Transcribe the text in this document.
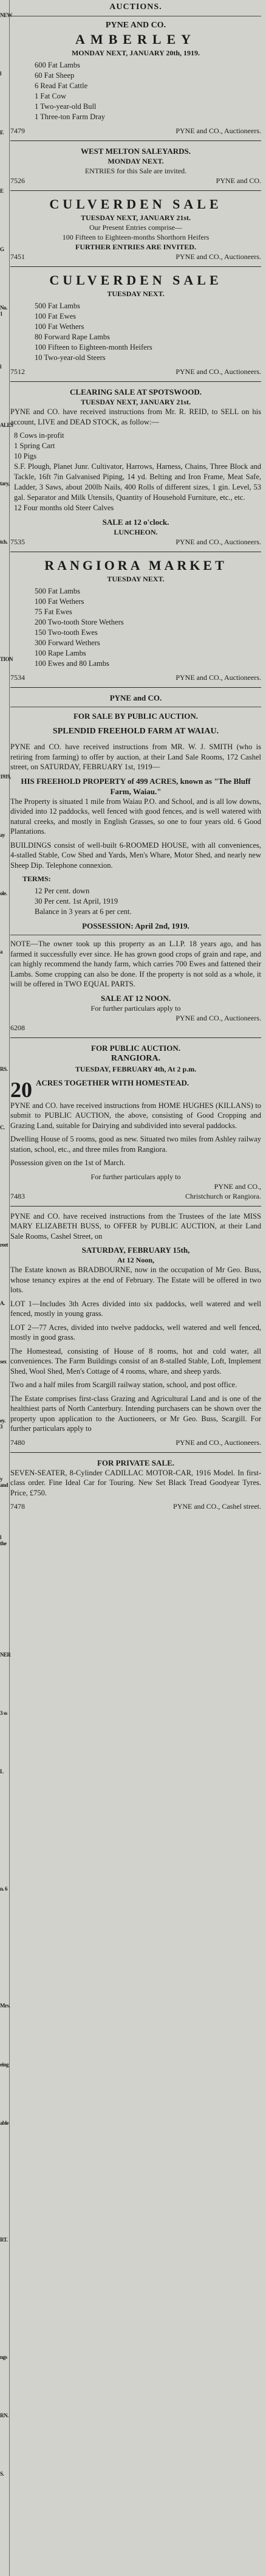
NEW
l
F.
E
G
No. 1
l
ALES
tary,
tch.
TION
1919,
ay
ole.
a
RS.
C.
reet
A.
sex
ey. 3
y and
l the
NER
3 ss
L
n. 6
Mrs.
eing
able
RT.
ngs
RN.
S.
AUCTIONS.
PYNE AND CO.
AMBERLEY
MONDAY NEXT, JANUARY 20th, 1919.
600 Fat Lambs
60 Fat Sheep
6 Read Fat Cattle
1 Fat Cow
1 Two-year-old Bull
1 Three-ton Farm Dray
7479	PYNE and CO., Auctioneers.
WEST MELTON SALEYARDS.
MONDAY NEXT.
ENTRIES for this Sale are invited.
7526	PYNE and CO.
CULVERDEN SALE
TUESDAY NEXT, JANUARY 21st.
Our Present Entries comprise—
100 Fifteen to Eighteen-months Shorthorn Heifers
FURTHER ENTRIES ARE INVITED.
7451	PYNE and CO., Auctioneers.
CULVERDEN SALE
TUESDAY NEXT.
500 Fat Lambs
100 Fat Ewes
100 Fat Wethers
80 Forward Rape Lambs
100 Fifteen to Eighteen-month Heifers
10 Two-year-old Steers
7512	PYNE and CO., Auctioneers.
CLEARING SALE AT SPOTSWOOD.
TUESDAY NEXT, JANUARY 21st.

PYNE and CO. have received instructions from Mr. R. REID, to SELL on his account, LIVE and DEAD STOCK, as follow:—

8 Cows in-profit
1 Spring Cart
10 Pigs
S.F. Plough, Planet Junr. Cultivator, Harrows, Harness, Chains, Three Block and Tackle, 16ft 7in Galvanised Piping, 14 yd. Belting and Iron Frame, Meat Safe, Ladder, 3 Saws, about 200lb Nails, 400 Rolls of different sizes, 1 gin. Level, 53 gal. Separator and Milk Utensils, Quantity of Household Furniture, etc., etc.
12 Four months old Steer Calves
SALE at 12 o'clock.
LUNCHEON.
7535	PYNE and CO., Auctioneers.
RANGIORA MARKET
TUESDAY NEXT.
500 Fat Lambs
100 Fat Wethers
75 Fat Ewes
200 Two-tooth Store Wethers
150 Two-tooth Ewes
300 Forward Wethers
100 Rape Lambs
100 Ewes and 80 Lambs
7534	PYNE and CO., Auctioneers.
PYNE and CO.
FOR SALE BY PUBLIC AUCTION.
SPLENDID FREEHOLD FARM AT WAIAU.

PYNE and CO. have received instructions from MR. W. J. SMITH (who is retiring from farming) to offer by auction, at their Land Sale Rooms, 172 Cashel street, on SATURDAY, FEBRUARY 1st, 1919—

HIS FREEHOLD PROPERTY of 499 ACRES, known as "The Bluff Farm, Waiau."

The Property is situated 1 mile from Waiau P.O. and School, and is all low downs, divided into 12 paddocks, well fenced with good fences, and is well watered with natural creeks, and mostly in English Grasses, so one to four years old. 6 Good Plantations.

BUILDINGS consist of well-built 6-ROOMED HOUSE, with all conveniences, 4-stalled Stable, Cow Shed and Yards, Men's Whare, Motor Shed, and nearly new Sheep Dip. Telephone connexion.

TERMS:
12 Per cent. down
30 Per cent. 1st April, 1919
Balance in 3 years at 6 per cent.
POSSESSION: April 2nd, 1919.

NOTE—The owner took up this property as an L.I.P. 18 years ago, and has farmed it successfully ever since. He has grown good crops of grain and rape, and can highly recommend the handy farm, which carries 700 Ewes and fattened their Lambs. Some cropping can also be done. If the property is not sold as a whole, it will be offered in TWO EQUAL PARTS.

SALE AT 12 NOON.
For further particulars apply to
PYNE and CO., Auctioneers.
6208
FOR PUBLIC AUCTION.
RANGIORA.
TUESDAY, FEBRUARY 4th, At 2 p.m.
20 ACRES TOGETHER WITH HOMESTEAD.

PYNE and CO. have received instructions from HOME HUGHES (KILLANS) to submit to PUBLIC AUCTION, the above, consisting of Good Cropping and Grazing Land, suitable for Dairying and subdivided into several paddocks.

Dwelling House of 5 rooms, good as new. Situated two miles from Ashley railway station, school, etc., and three miles from Rangiora.

Possession given on the 1st of March.

For further particulars apply to
PYNE and CO.,
7483	Christchurch or Rangiora.

PYNE and CO. have received instructions from the Trustees of the late MISS MARY ELIZABETH BUSS, to OFFER by PUBLIC AUCTION, at their Land Sale Rooms, Cashel Street, on

SATURDAY, FEBRUARY 15th,
At 12 Noon,

The Estate known as BRADBOURNE, now in the occupation of Mr Geo. Buss, whose tenancy expires at the end of February. The Estate will be offered in two lots.

LOT 1—Includes 3th Acres divided into six paddocks, well watered and well fenced, mostly in young grass.

LOT 2—77 Acres, divided into twelve paddocks, well watered and well fenced, mostly in good grass.

The Homestead, consisting of House of 8 rooms, hot and cold water, all conveniences. The Farm Buildings consist of an 8-stalled Stable, Loft, Implement Shed, Wool Shed, Men's Cottage of 4 rooms, whare, and sheep yards.

Two and a half miles from Scargill railway station, school, and post office.

The Estate comprises first-class Grazing and Agricultural Land and is one of the healthiest parts of North Canterbury. Intending purchasers can be shown over the property upon application to the Auctioneers, or Mr Geo. Buss, Scargill. For further particulars apply to

7480	PYNE and CO., Auctioneers.
FOR PRIVATE SALE.

SEVEN-SEATER, 8-Cylinder CADILLAC MOTOR-CAR, 1916 Model. In first-class order. Fine Ideal Car for Touring. New Set Black Tread Goodyear Tyres. Price, £750.

7478	PYNE and CO., Cashel street.
